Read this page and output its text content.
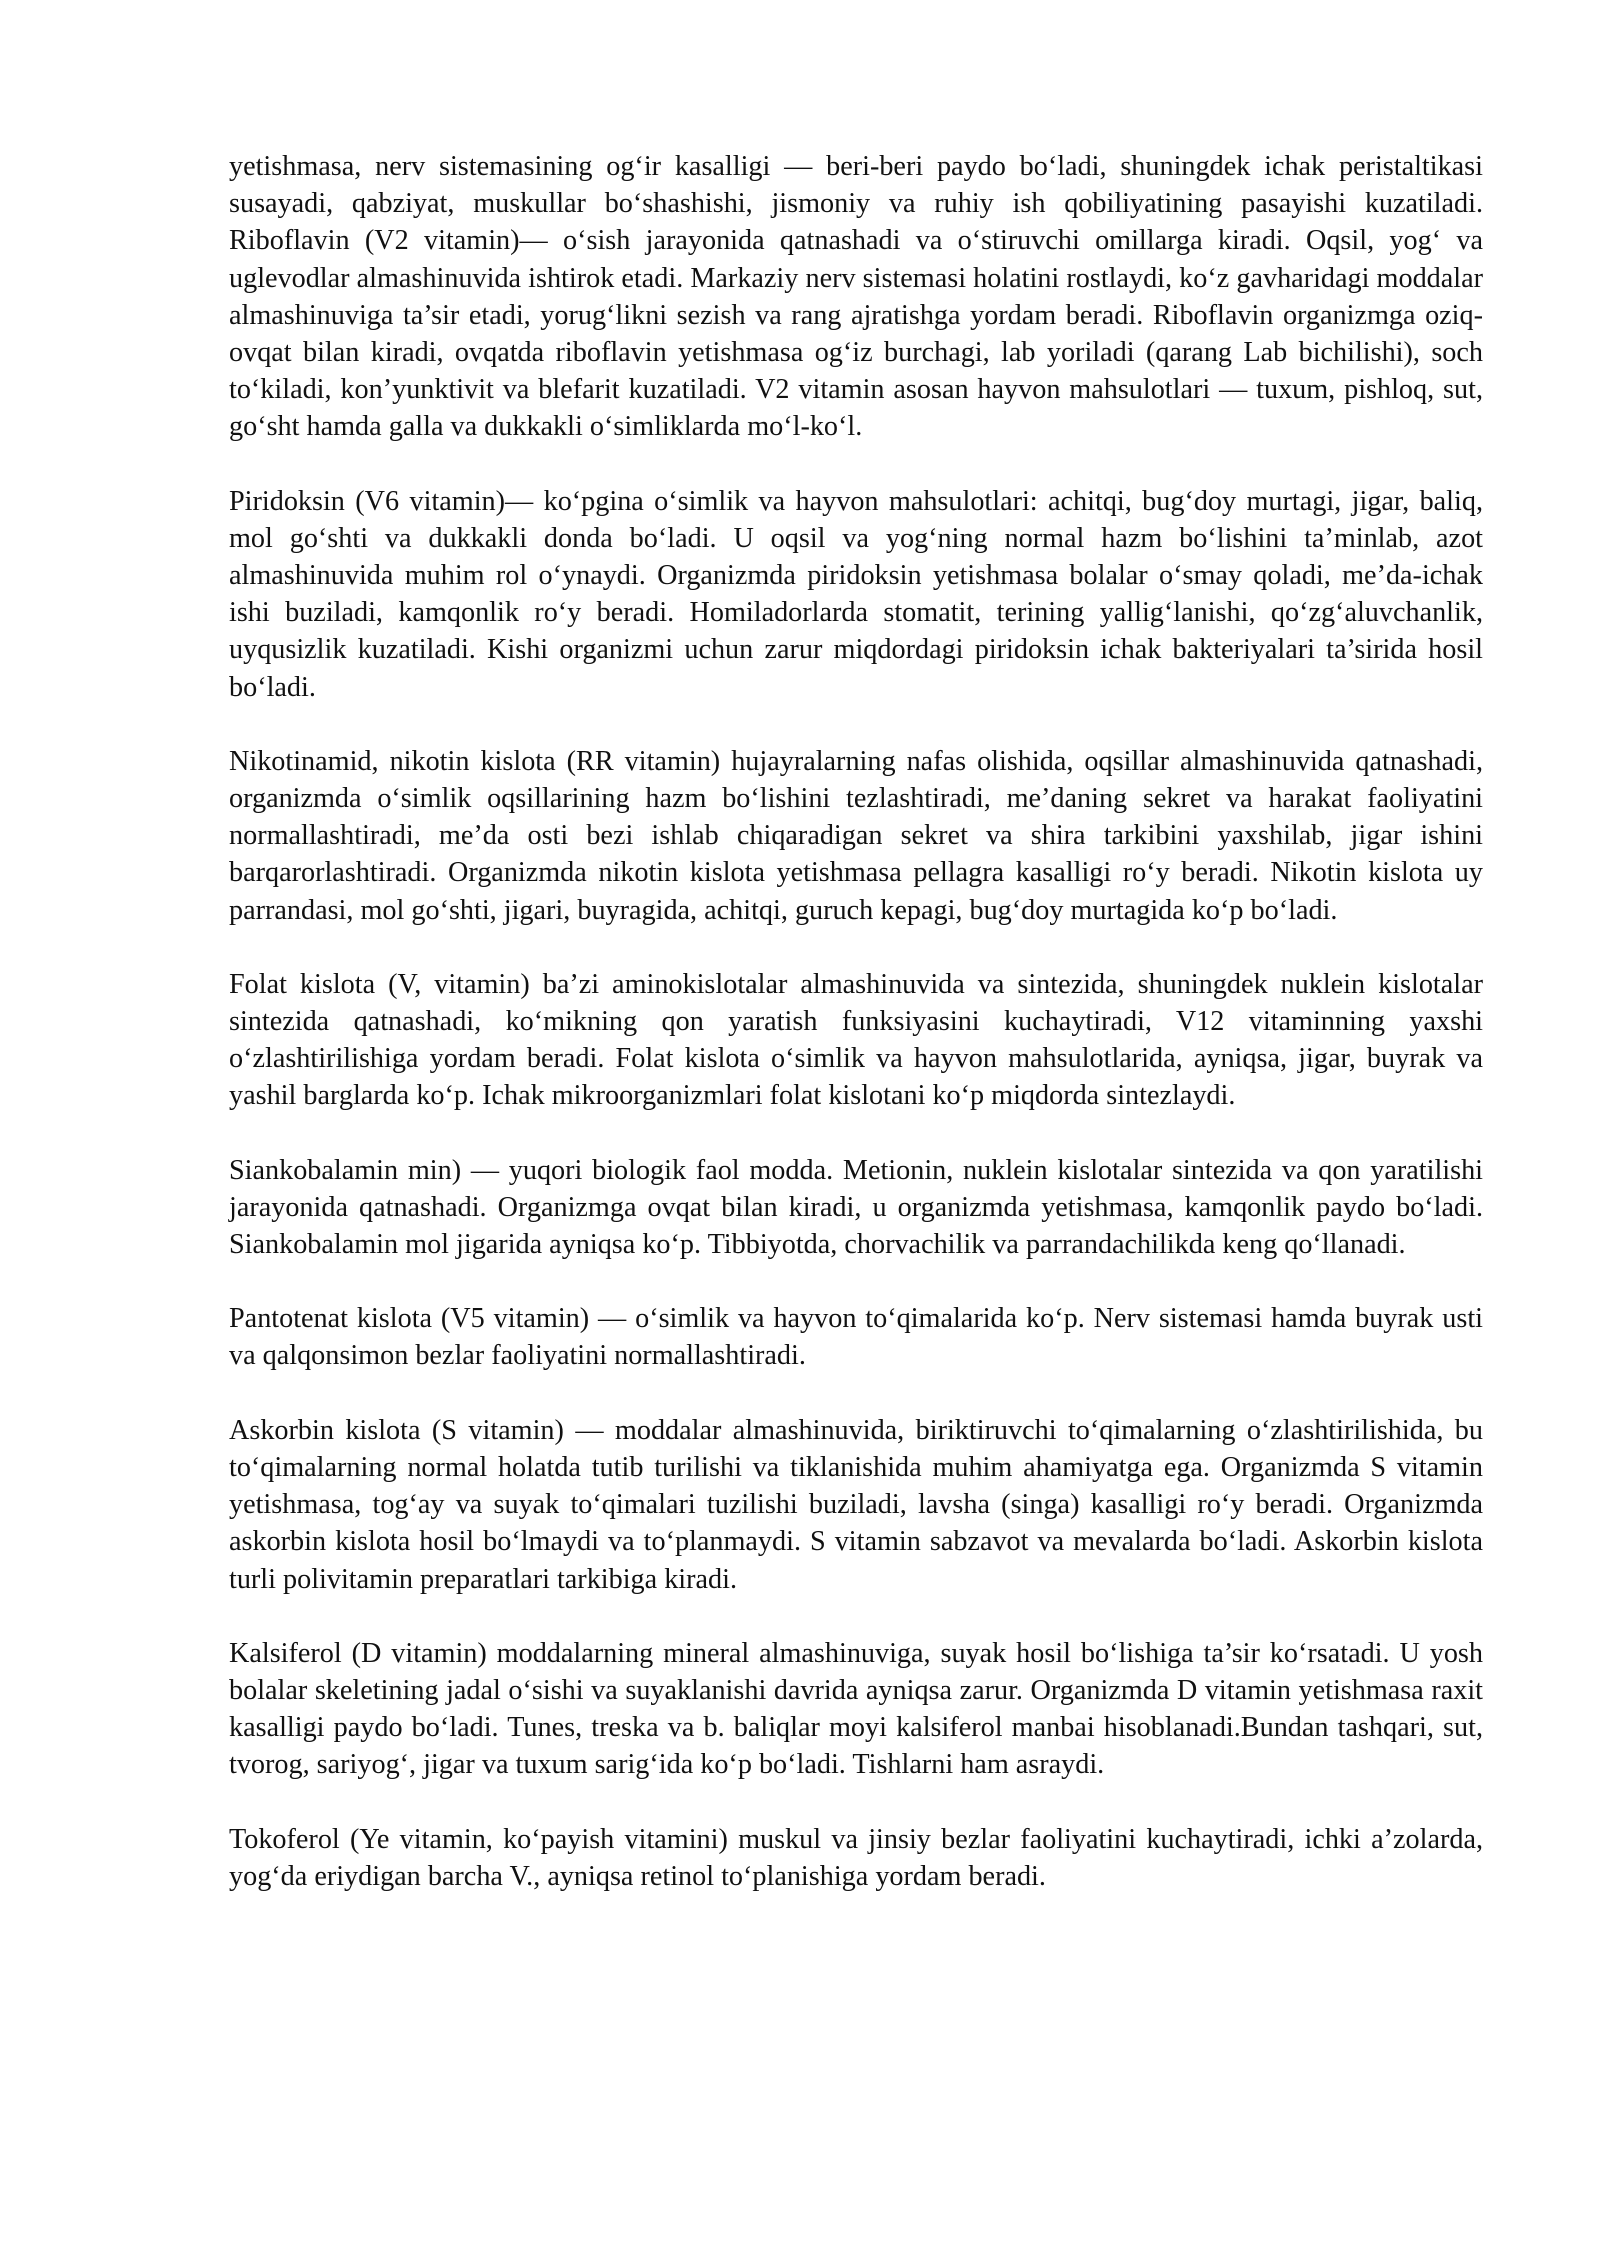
yetishmasa, nerv sistemasining og‘ir kasalligi — beri-beri paydo bo‘ladi, shuningdek ichak peristaltikasi susayadi, qabziyat, muskullar bo‘shashishi, jismoniy va ruhiy ish qobiliyatining pasayishi kuzatiladi. Riboflavin (V2 vitamin)— o‘sish jarayonida qatnashadi va o‘stiruvchi omillarga kiradi. Oqsil, yog‘ va uglevodlar almashinuvida ishtirok etadi. Markaziy nerv sistemasi holatini rostlaydi, ko‘z gavharidagi moddalar almashinuviga ta’sir etadi, yorug‘likni sezish va rang ajratishga yordam beradi. Riboflavin organizmga oziq-ovqat bilan kiradi, ovqatda riboflavin yetishmasa og‘iz burchagi, lab yoriladi (qarang Lab bichilishi), soch to‘kiladi, kon’yunktivit va blefarit kuzatiladi. V2 vitamin asosan hayvon mahsulotlari — tuxum, pishloq, sut, go‘sht hamda galla va dukkakli o‘simliklarda mo‘l-ko‘l.

Piridoksin (V6 vitamin)— ko‘pgina o‘simlik va hayvon mahsulotlari: achitqi, bug‘doy murtagi, jigar, baliq, mol go‘shti va dukkakli donda bo‘ladi. U oqsil va yog‘ning normal hazm bo‘lishini ta’minlab, azot almashinuvida muhim rol o‘ynaydi. Organizmda piridoksin yetishmasa bolalar o‘smay qoladi, me’da-ichak ishi buziladi, kamqonlik ro‘y beradi. Homiladorlarda stomatit, terining yallig‘lanishi, qo‘zg‘aluvchanlik, uyqusizlik kuzatiladi. Kishi organizmi uchun zarur miqdordagi piridoksin ichak bakteriyalari ta’sirida hosil bo‘ladi.

Nikotinamid, nikotin kislota (RR vitamin) hujayralarning nafas olishida, oqsillar almashinuvida qatnashadi, organizmda o‘simlik oqsillarining hazm bo‘lishini tezlashtiradi, me’daning sekret va harakat faoliyatini normallashtiradi, me’da osti bezi ishlab chiqaradigan sekret va shira tarkibini yaxshilab, jigar ishini barqarorlashtiradi. Organizmda nikotin kislota yetishmasa pellagra kasalligi ro‘y beradi. Nikotin kislota uy parrandasi, mol go‘shti, jigari, buyragida, achitqi, guruch kepagi, bug‘doy murtagida ko‘p bo‘ladi.

Folat kislota (V, vitamin) ba’zi aminokislotalar almashinuvida va sintezida, shuningdek nuklein kislotalar sintezida qatnashadi, ko‘mikning qon yaratish funksiyasini kuchaytiradi, V12 vitaminning yaxshi o‘zlashtirilishiga yordam beradi. Folat kislota o‘simlik va hayvon mahsulotlarida, ayniqsa, jigar, buyrak va yashil barglarda ko‘p. Ichak mikroorganizmlari folat kislotani ko‘p miqdorda sintezlaydi.

Siankobalamin min) — yuqori biologik faol modda. Metionin, nuklein kislotalar sintezida va qon yaratilishi jarayonida qatnashadi. Organizmga ovqat bilan kiradi, u organizmda yetishmasa, kamqonlik paydo bo‘ladi. Siankobalamin mol jigarida ayniqsa ko‘p. Tibbiyotda, chorvachilik va parrandachilikda keng qo‘llanadi.

Pantotenat kislota (V5 vitamin) — o‘simlik va hayvon to‘qimalarida ko‘p. Nerv sistemasi hamda buyrak usti va qalqonsimon bezlar faoliyatini normallashtiradi.

Askorbin kislota (S vitamin) — moddalar almashinuvida, biriktiruvchi to‘qimalarning o‘zlashtirilishida, bu to‘qimalarning normal holatda tutib turilishi va tiklanishida muhim ahamiyatga ega. Organizmda S vitamin yetishmasa, tog‘ay va suyak to‘qimalari tuzilishi buziladi, lavsha (singa) kasalligi ro‘y beradi. Organizmda askorbin kislota hosil bo‘lmaydi va to‘planmaydi. S vitamin sabzavot va mevalarda bo‘ladi. Askorbin kislota turli polivitamin preparatlari tarkibiga kiradi.

Kalsiferol (D vitamin) moddalarning mineral almashinuviga, suyak hosil bo‘lishiga ta’sir ko‘rsatadi. U yosh bolalar skeletining jadal o‘sishi va suyaklanishi davrida ayniqsa zarur. Organizmda D vitamin yetishmasa raxit kasalligi paydo bo‘ladi. Tunes, treska va b. baliqlar moyi kalsiferol manbai hisoblanadi.Bundan tashqari, sut, tvorog, sariyog‘, jigar va tuxum sarig‘ida ko‘p bo‘ladi. Tishlarni ham asraydi.

Tokoferol (Ye vitamin, ko‘payish vitamini) muskul va jinsiy bezlar faoliyatini kuchaytiradi, ichki a’zolarda, yog‘da eriydigan barcha V., ayniqsa retinol to‘planishiga yordam beradi.
